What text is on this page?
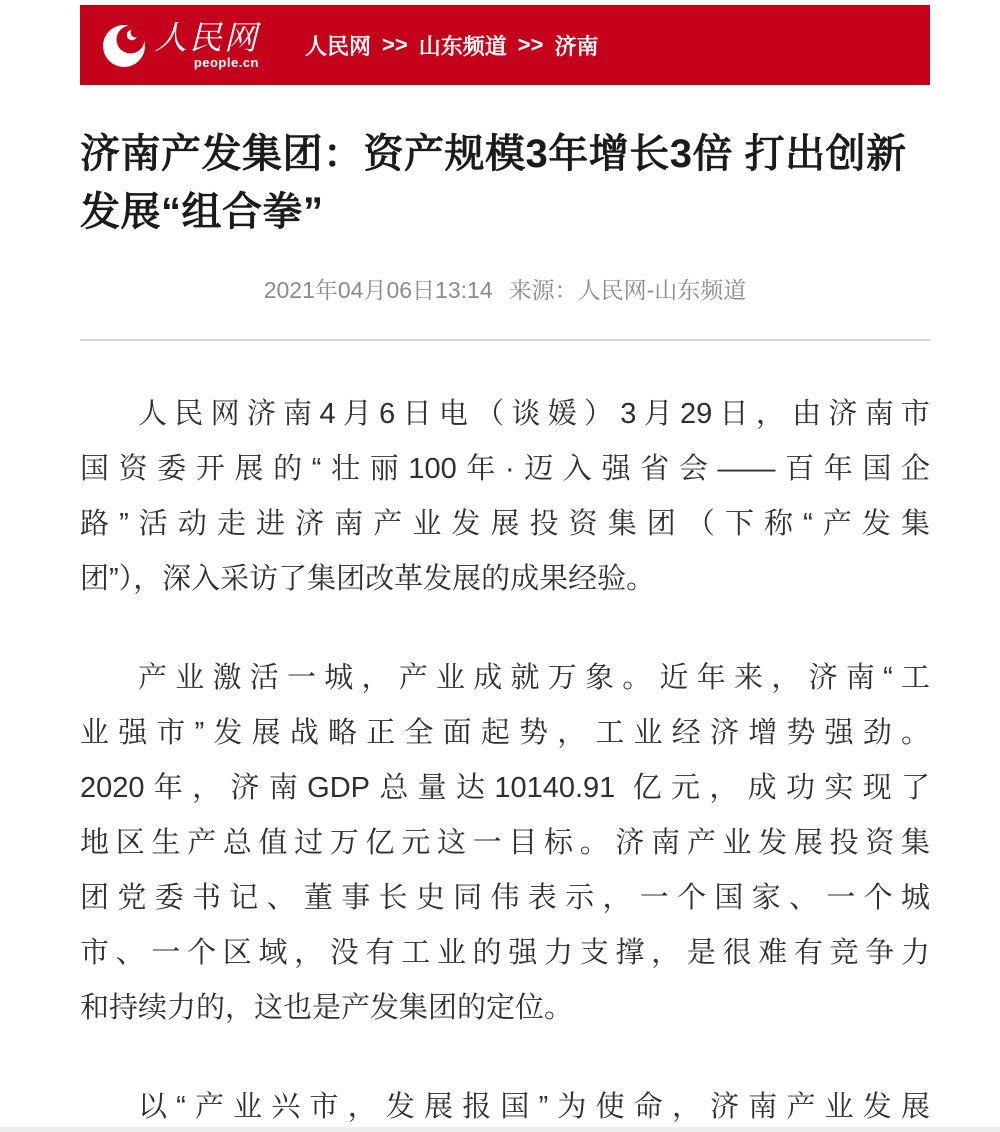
人民网
people.cn
人民网 >> 山东频道 >> 济南
济南产发集团：资产规模3年增长3倍 打出创新发展“组合拳”
2021年04月06日13:14 来源：人民网-山东频道

人民网济南4月6日电（谈媛）3月29日，由济南市
国资委开展的“壮丽100年·迈入强省会——百年国企
路”活动走进济南产业发展投资集团（下称“产发集
团”），深入采访了集团改革发展的成果经验。

产业激活一城，产业成就万象。近年来，济南“工
业强市”发展战略正全面起势，工业经济增势强劲。
2020年，济南GDP总量达10140.91 亿元，成功实现了
地区生产总值过万亿元这一目标。济南产业发展投资集
团党委书记、董事长史同伟表示，一个国家、一个城
市、一个区域，没有工业的强力支撑，是很难有竞争力
和持续力的，这也是产发集团的定位。

以“产业兴市，发展报国”为使命，济南产业发展
